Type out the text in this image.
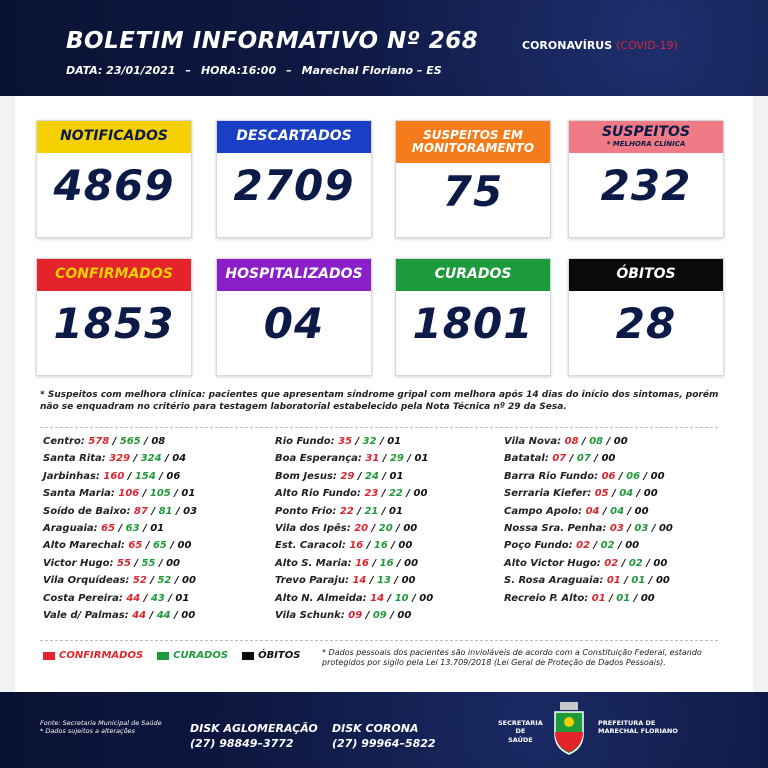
BOLETIM INFORMATIVO Nº 268
DATA: 23/01/2021 – HORA:16:00 – Marechal Floriano – ES
CORONAVÍRUS (COVID-19)
NOTIFICADOS
4869
DESCARTADOS
2709
SUSPEITOS EM MONITORAMENTO
75
SUSPEITOS
* MELHORA CLÍNICA
232
CONFIRMADOS
1853
HOSPITALIZADOS
04
CURADOS
1801
ÓBITOS
28
* Suspeitos com melhora clínica: pacientes que apresentam síndrome gripal com melhora após 14 dias do início dos sintomas, porém não se enquadram no critério para testagem laboratorial estabelecido pela Nota Técnica nº 29 da Sesa.
Centro: 578 / 565 / 08
Santa Rita: 329 / 324 / 04
Jarbinhas: 160 / 154 / 06
Santa Maria: 106 / 105 / 01
Soído de Baixo: 87 / 81 / 03
Araguaia: 65 / 63 / 01
Alto Marechal: 65 / 65 / 00
Victor Hugo: 55 / 55 / 00
Vila Orquídeas: 52 / 52 / 00
Costa Pereira: 44 / 43 / 01
Vale d/ Palmas: 44 / 44 / 00
Rio Fundo: 35 / 32 / 01
Boa Esperança: 31 / 29 / 01
Bom Jesus: 29 / 24 / 01
Alto Rio Fundo: 23 / 22 / 00
Ponto Frio: 22 / 21 / 01
Vila dos Ipês: 20 / 20 / 00
Est. Caracol: 16 / 16 / 00
Alto S. Maria: 16 / 16 / 00
Trevo Paraju: 14 / 13 / 00
Alto N. Almeida: 14 / 10 / 00
Vila Schunk: 09 / 09 / 00
Vila Nova: 08 / 08 / 00
Batatal: 07 / 07 / 00
Barra Rio Fundo: 06 / 06 / 00
Serraria Kiefer: 05 / 04 / 00
Campo Apolo: 04 / 04 / 00
Nossa Sra. Penha: 03 / 03 / 00
Poço Fundo: 02 / 02 / 00
Alto Victor Hugo: 02 / 02 / 00
S. Rosa Araguaia: 01 / 01 / 00
Recreio P. Alto: 01 / 01 / 00
CONFIRMADOS	CURADOS	ÓBITOS	* Dados pessoais dos pacientes são invioláveis de acordo com a Constituição Federal, estando protegidos por sigilo pela Lei 13.709/2018 (Lei Geral de Proteção de Dados Pessoais).
Fonte: Secretaria Municipal de Saúde
* Dados sujeitos a alterações	DISK AGLOMERAÇÃO
(27) 98849–3772
DISK CORONA
(27) 99964–5822
SECRETARIA
DE
SAÚDE
PREFEITURA DE
MARECHAL FLORIANO
